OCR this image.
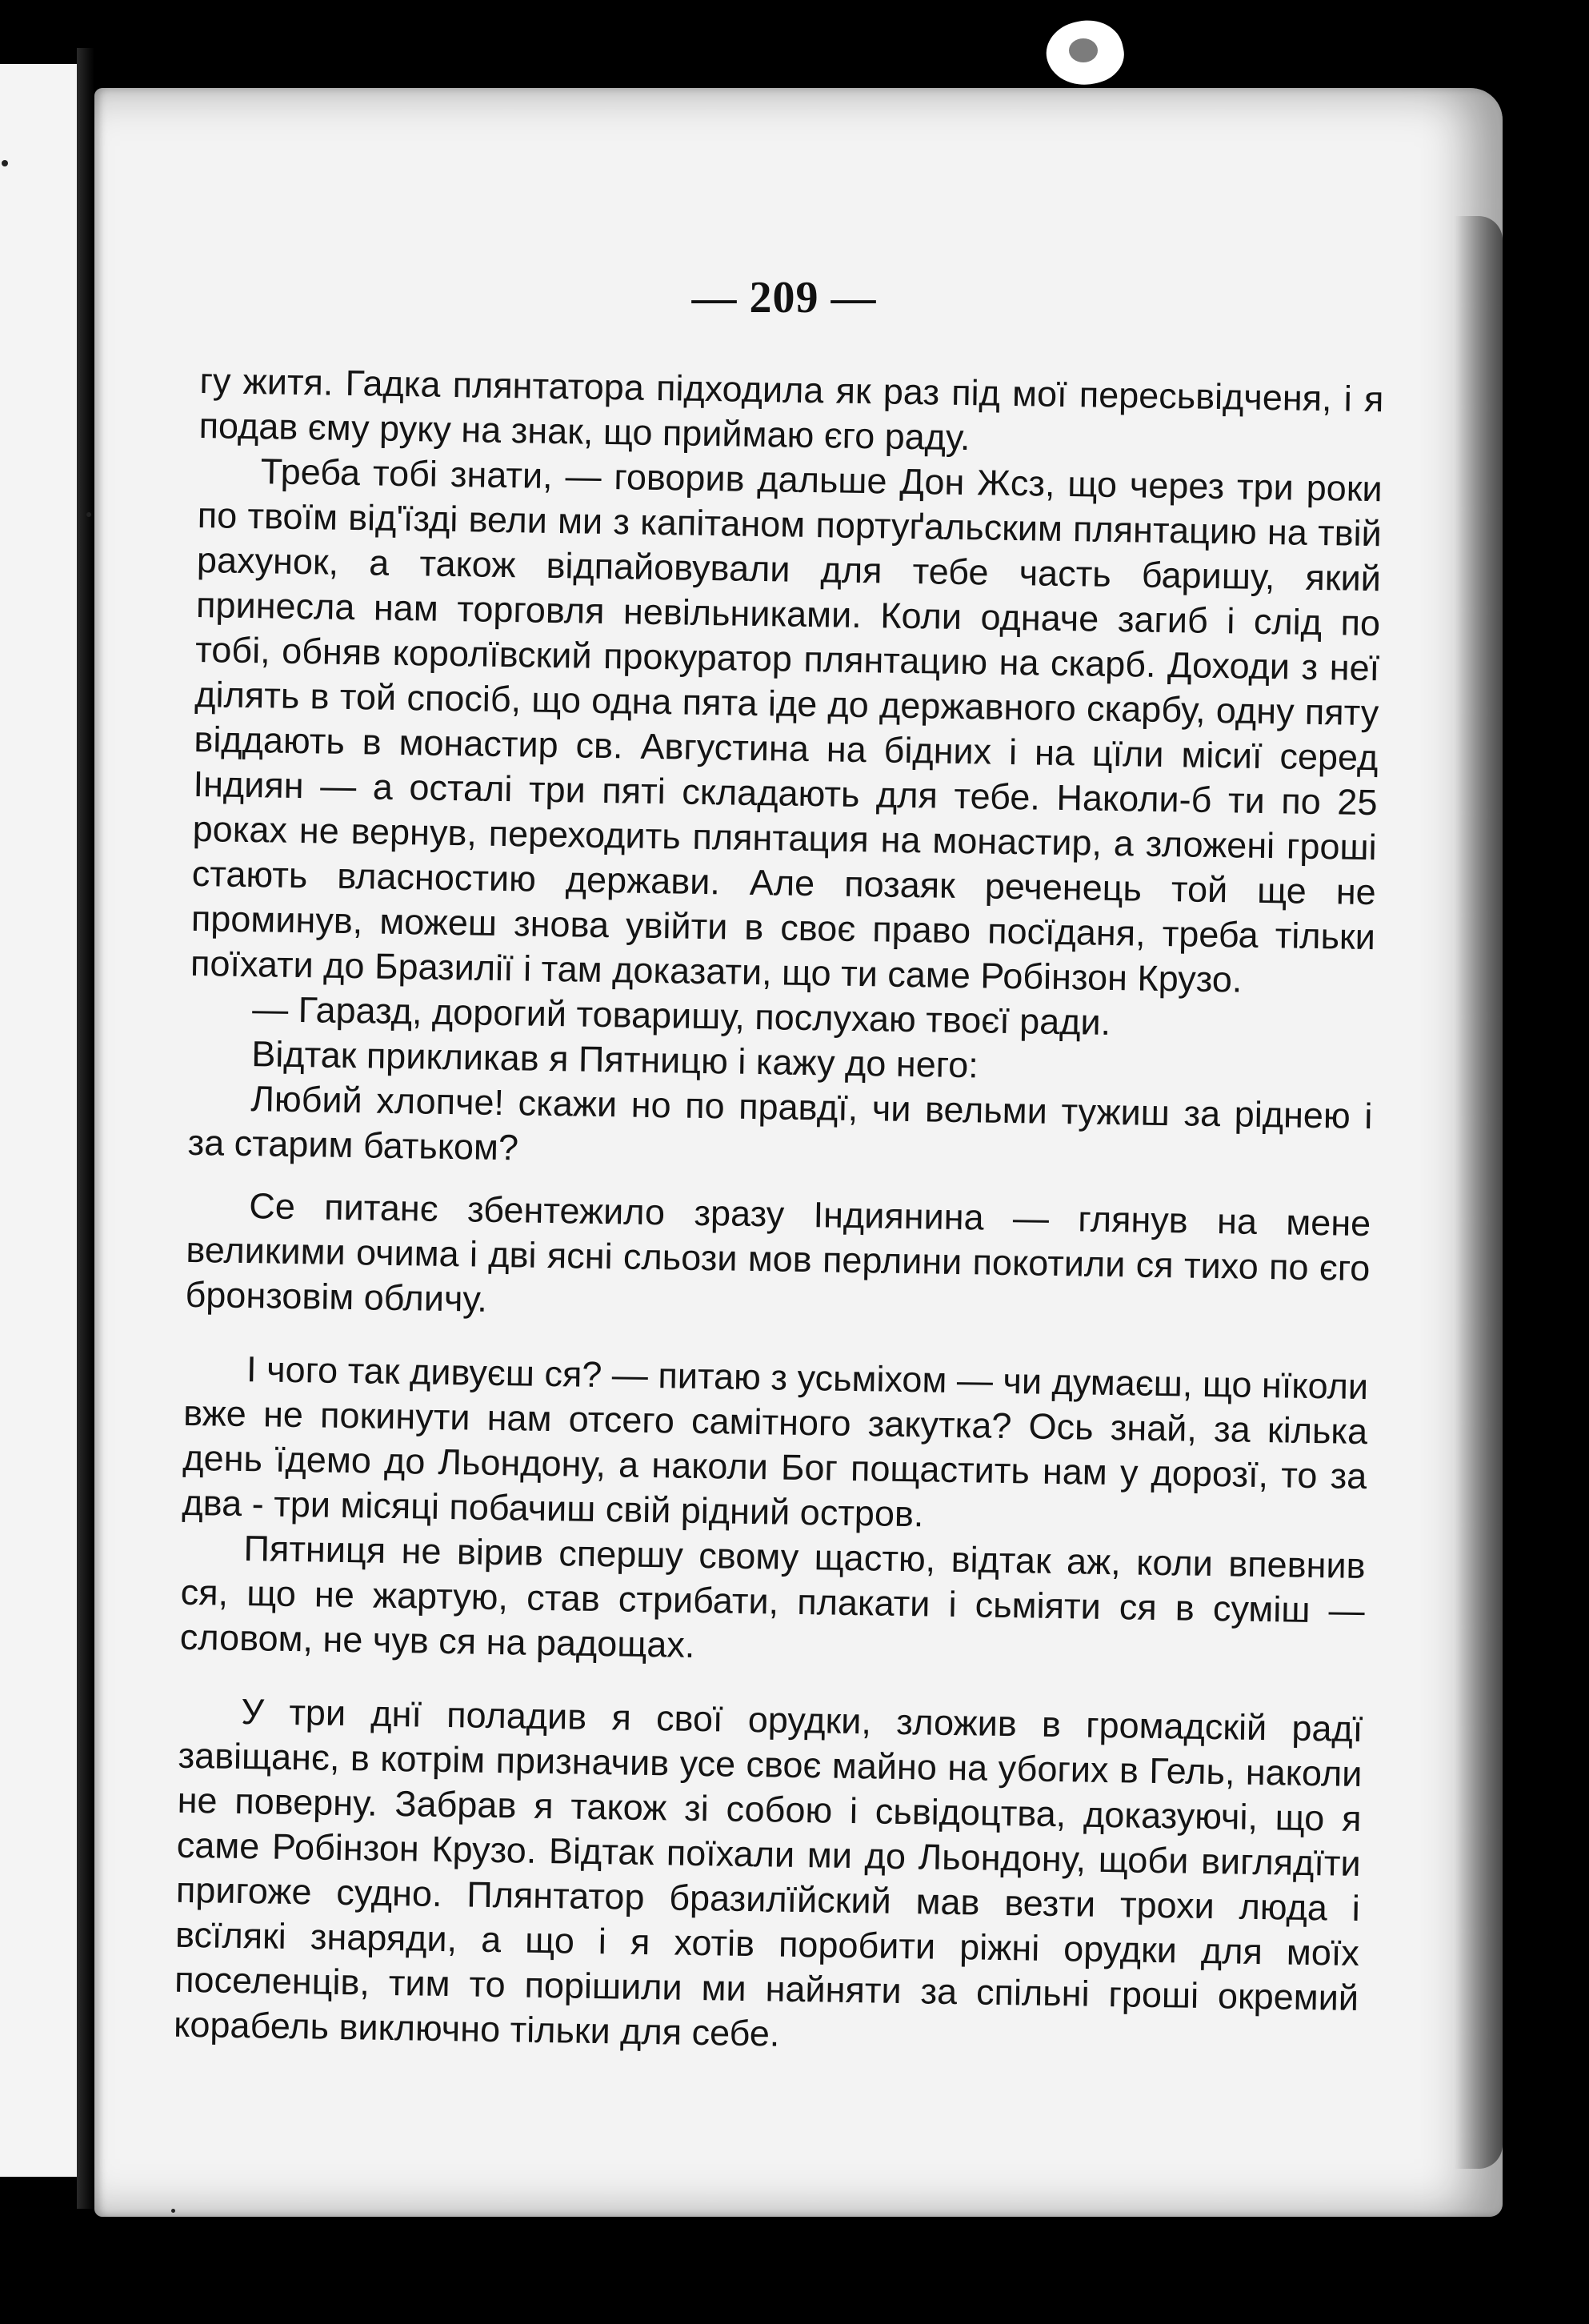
— 209 —

гу житя. Гадка плянтатора підходила як раз під мої пересьвідченя, і я подав єму руку на знак, що приймаю єго раду.

Треба тобі знати, — говорив дальше Дон Жсз, що через три роки по твоїм від'їзді вели ми з капітаном портуґальским плянтацию на твій рахунок, а також відпайовували для тебе часть баришу, який принесла нам торговля невільниками. Коли одначе загиб і слід по тобі, обняв королївский прокуратор плянтацию на скарб. Доходи з неї ділять в той спосіб, що одна пята іде до державного скарбу, одну пяту віддають в монастир св. Августина на бідних і на цїли місиї серед Індиян — а осталі три пяті складають для тебе. Наколи-б ти по 25 роках не вернув, переходить плянтация на монастир, а зложені гроші стають власностию держави. Але позаяк реченець той ще не проминув, можеш знова увійти в своє право посїданя, треба тільки поїхати до Бразилії і там доказати, що ти саме Робінзон Крузо.

— Гаразд, дорогий товаришу, послухаю твоєї ради.

Відтак прикликав я Пятницю і кажу до него:

Любий хлопче! скажи но по правдї, чи вельми тужиш за ріднею і за старим батьком?

Се питанє збентежило зразу Індиянина — глянув на мене великими очима і дві ясні сльози мов перлини покотили ся тихо по єго бронзовім обличу.

І чого так дивуєш ся? — питаю з усьміхом — чи думаєш, що нїколи вже не покинути нам отсего самітного закутка? Ось знай, за кілька день їдемо до Льондону, а наколи Бог пощастить нам у дорозї, то за два - три місяці побачиш свій рідний остров.

Пятниця не вірив спершу свому щастю, відтак аж, коли впевнив ся, що не жартую, став стрибати, плакати і сьміяти ся в суміш — словом, не чув ся на радощах.

У три днї поладив я свої орудки, зложив в громадскій радї завіщанє, в котрім призначив усе своє майно на убогих в Гель, наколи не поверну. Забрав я також зі собою і сьвідоцтва, доказуючі, що я саме Робінзон Крузо. Відтак поїхали ми до Льондону, щоби виглядїти пригоже судно. Плянтатор бразилїйский мав везти трохи люда і всїлякі знаряди, а що і я хотів поробити ріжні орудки для моїх поселенців, тим то порішили ми найняти за спільні гроші окремий корабель виключно тільки для себе.
